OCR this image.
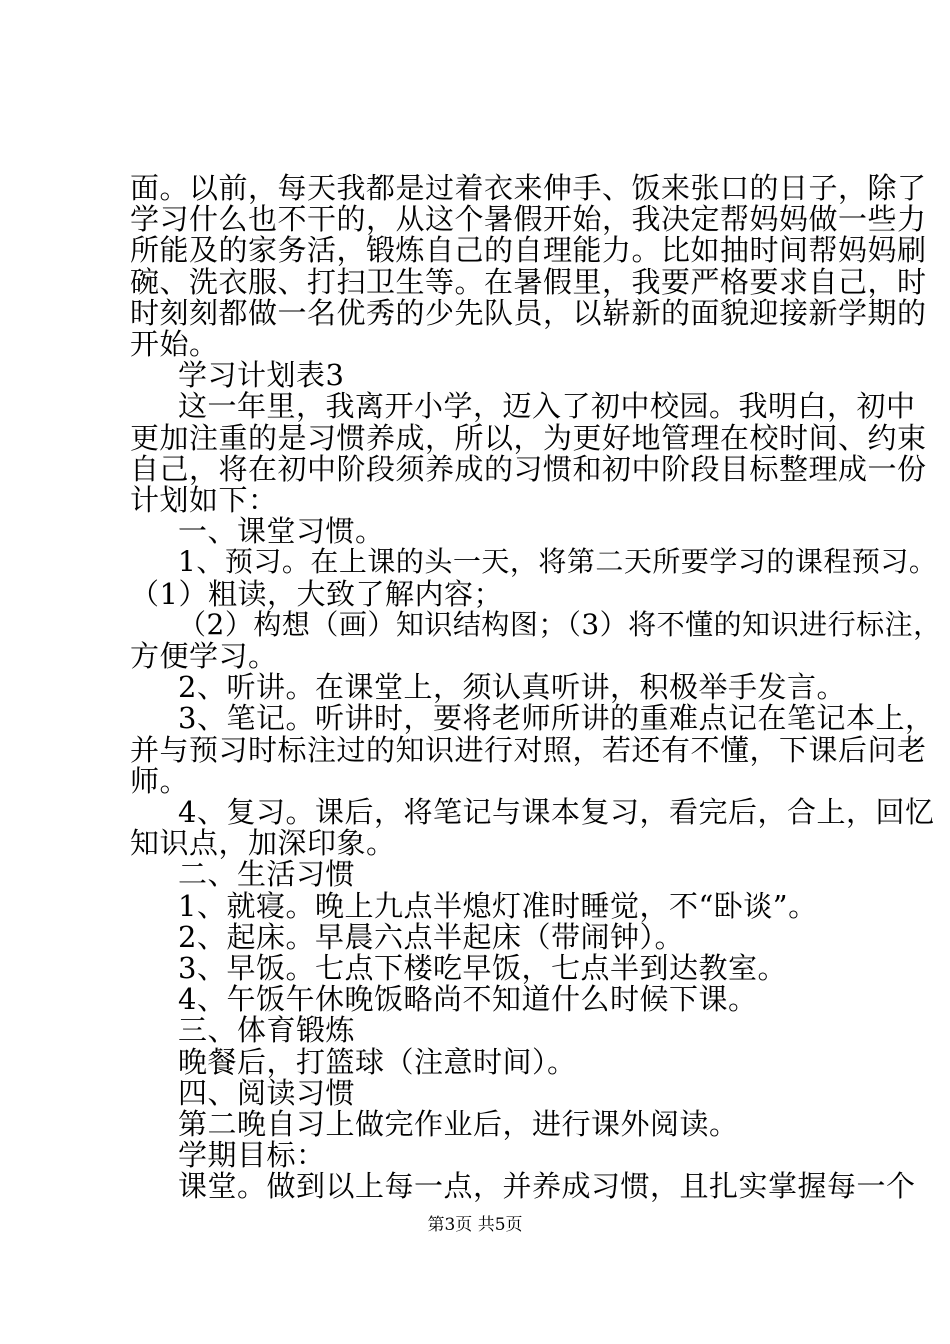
面。以前，每天我都是过着衣来伸手、饭来张口的日子，除了
学习什么也不干的，从这个暑假开始，我决定帮妈妈做一些力
所能及的家务活，锻炼自己的自理能力。比如抽时间帮妈妈刷
碗、洗衣服、打扫卫生等。在暑假里，我要严格要求自己，时
时刻刻都做一名优秀的少先队员，以崭新的面貌迎接新学期的
开始。
学习计划表3
这一年里，我离开小学，迈入了初中校园。我明白，初中
更加注重的是习惯养成，所以，为更好地管理在校时间、约束
自己，将在初中阶段须养成的习惯和初中阶段目标整理成一份
计划如下：
一、课堂习惯。
1、预习。在上课的头一天，将第二天所要学习的课程预习。
（1）粗读，大致了解内容；
（2）构想（画）知识结构图；（3）将不懂的知识进行标注，
方便学习。
2、听讲。在课堂上，须认真听讲，积极举手发言。
3、笔记。听讲时，要将老师所讲的重难点记在笔记本上，
并与预习时标注过的知识进行对照，若还有不懂，下课后问老
师。
4、复习。课后，将笔记与课本复习，看完后，合上，回忆
知识点，加深印象。
二、生活习惯
1、就寝。晚上九点半熄灯准时睡觉，不“卧谈”。
2、起床。早晨六点半起床（带闹钟）。
3、早饭。七点下楼吃早饭，七点半到达教室。
4、午饭午休晚饭略尚不知道什么时候下课。
三、体育锻炼
晚餐后，打篮球（注意时间）。
四、阅读习惯
第二晚自习上做完作业后，进行课外阅读。
学期目标：
课堂。做到以上每一点，并养成习惯，且扎实掌握每一个
第3页 共5页
